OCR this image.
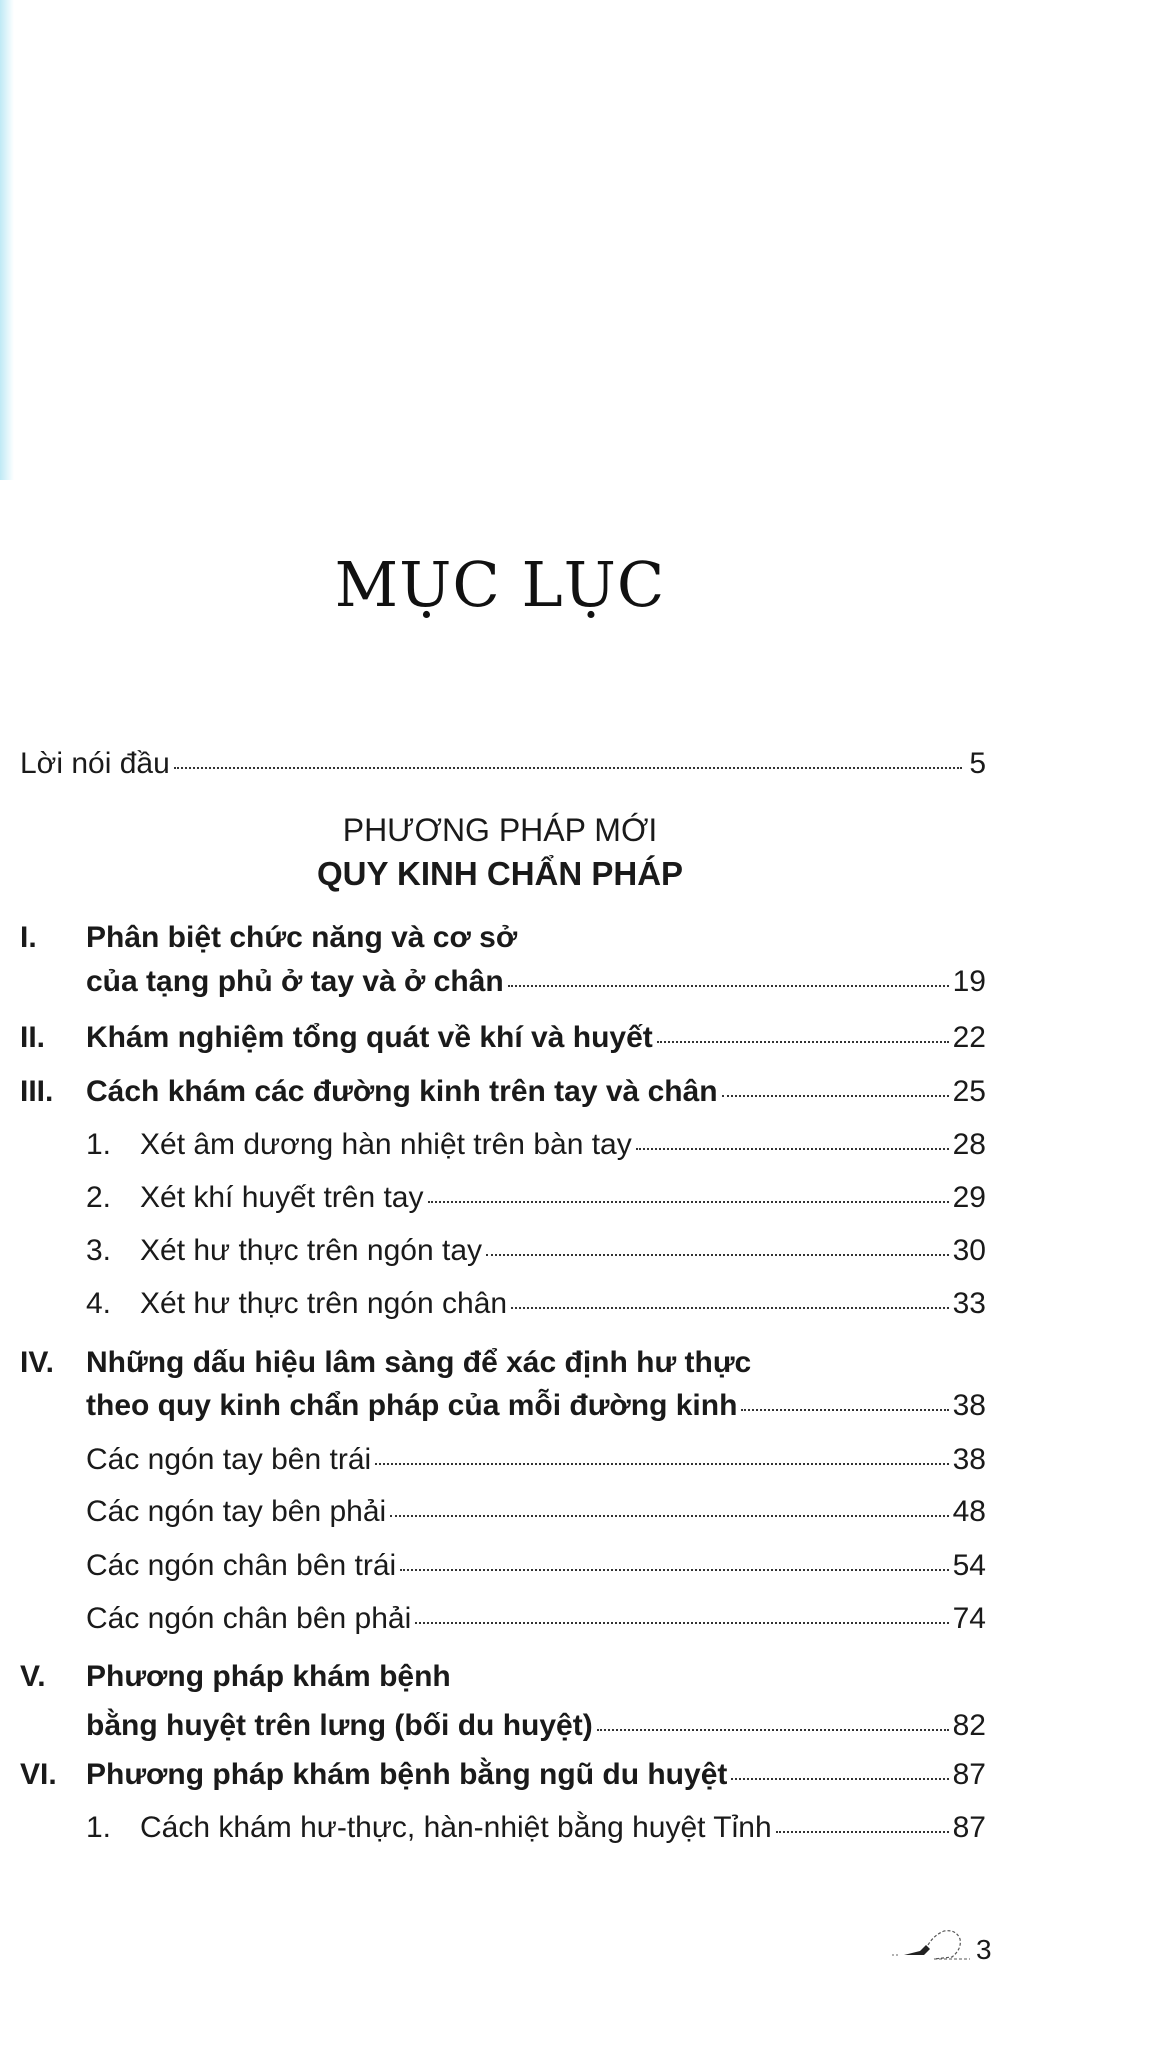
MỤC LỤC
Lời nói đầu	5
PHƯƠNG PHÁP MỚI
QUY KINH CHẨN PHÁP
I.	Phân biệt chức năng và cơ sở
của tạng phủ ở tay và ở chân	19
II.	Khám nghiệm tổng quát về khí và huyết	22
III.	Cách khám các đường kinh trên tay và chân	25
1. Xét âm dương hàn nhiệt trên bàn tay	28
2. Xét khí huyết trên tay	29
3. Xét hư thực trên ngón tay	30
4. Xét hư thực trên ngón chân	33
IV.	Những dấu hiệu lâm sàng để xác định hư thực
theo quy kinh chẩn pháp của mỗi đường kinh	38
Các ngón tay bên trái	38
Các ngón tay bên phải	48
Các ngón chân bên trái	54
Các ngón chân bên phải	74
V.	Phương pháp khám bệnh
bằng huyệt trên lưng (bối du huyệt)	82
VI. Phương pháp khám bệnh bằng ngũ du huyệt	87
1. Cách khám hư-thực, hàn-nhiệt bằng huyệt Tỉnh	87
3
